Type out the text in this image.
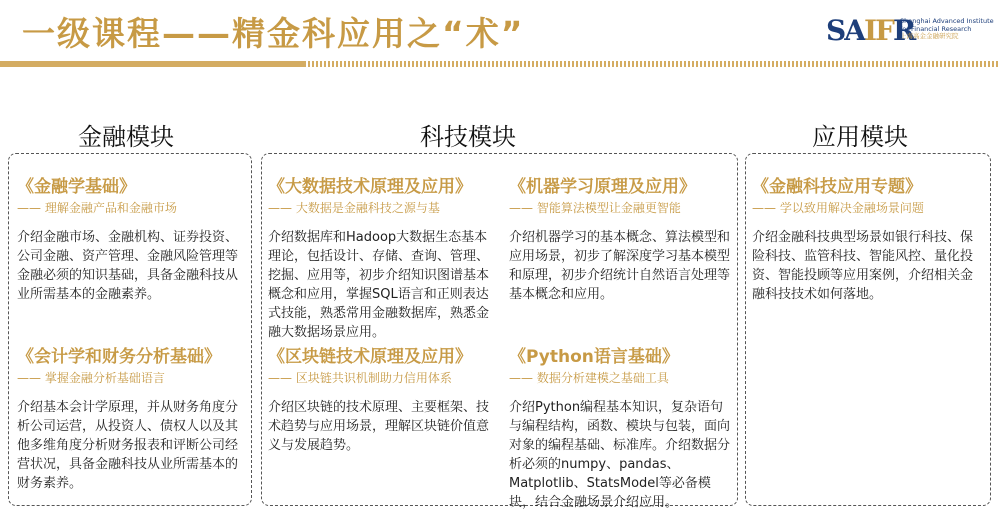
一级课程——精金科应用之“术”	SAIFR
Shanghai Advanced Institute
for Financial Research
上海高金金融研究院
金融模块	科技模块	应用模块
《金融学基础》
—— 理解金融产品和金融市场
介绍金融市场、金融机构、证券投资、公司金融、资产管理、金融风险管理等金融必须的知识基础，具备金融科技从业所需基本的金融素养。
《会计学和财务分析基础》
—— 掌握金融分析基础语言
介绍基本会计学原理，并从财务角度分析公司运营，从投资人、债权人以及其他多维角度分析财务报表和评断公司经营状况，具备金融科技从业所需基本的财务素养。
《大数据技术原理及应用》
—— 大数据是金融科技之源与基
介绍数据库和Hadoop大数据生态基本理论，包括设计、存储、查询、管理、挖掘、应用等，初步介绍知识图谱基本概念和应用，掌握SQL语言和正则表达式技能，熟悉常用金融数据库，熟悉金融大数据场景应用。
《机器学习原理及应用》
—— 智能算法模型让金融更智能
介绍机器学习的基本概念、算法模型和应用场景，初步了解深度学习基本模型和原理，初步介绍统计自然语言处理等基本概念和应用。
《区块链技术原理及应用》
—— 区块链共识机制助力信用体系
介绍区块链的技术原理、主要框架、技术趋势与应用场景，理解区块链价值意义与发展趋势。
《Python语言基础》
—— 数据分析建模之基础工具
介绍Python编程基本知识，复杂语句与编程结构，函数、模块与包装，面向对象的编程基础、标准库。介绍数据分析必须的numpy、pandas、Matplotlib、StatsModel等必备模块，结合金融场景介绍应用。
《金融科技应用专题》
—— 学以致用解决金融场景问题
介绍金融科技典型场景如银行科技、保险科技、监管科技、智能风控、量化投资、智能投顾等应用案例，介绍相关金融科技技术如何落地。
